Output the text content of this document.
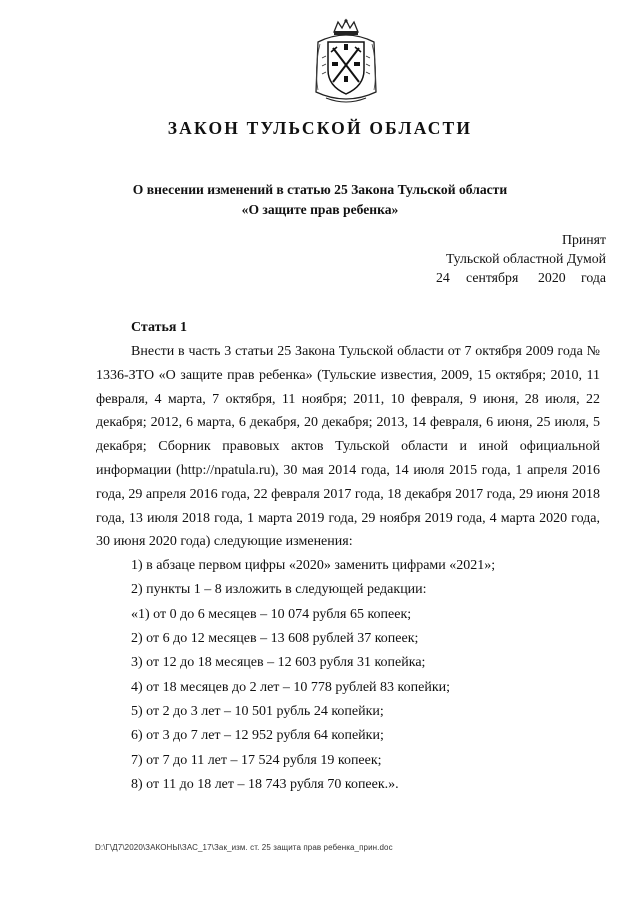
ЗАКОН ТУЛЬСКОЙ ОБЛАСТИ
О внесении изменений в статью 25 Закона Тульской области
«О защите прав ребенка»
Принят
Тульской областной Думой
24 сентября 2020 года
Статья 1

Внести в часть 3 статьи 25 Закона Тульской области от 7 октября 2009 года № 1336-ЗТО «О защите прав ребенка» (Тульские известия, 2009, 15 октября; 2010, 11 февраля, 4 марта, 7 октября, 11 ноября; 2011, 10 февраля, 9 июня, 28 июля, 22 декабря; 2012, 6 марта, 6 декабря, 20 декабря; 2013, 14 февраля, 6 июня, 25 июля, 5 декабря; Сборник правовых актов Тульской области и иной официальной информации (http://npatula.ru), 30 мая 2014 года, 14 июля 2015 года, 1 апреля 2016 года, 29 апреля 2016 года, 22 февраля 2017 года, 18 декабря 2017 года, 29 июня 2018 года, 13 июля 2018 года, 1 марта 2019 года, 29 ноября 2019 года, 4 марта 2020 года, 30 июня 2020 года) следующие изменения:

1) в абзаце первом цифры «2020» заменить цифрами «2021»;
2) пункты 1 – 8 изложить в следующей редакции:
«1) от 0 до 6 месяцев – 10 074 рубля 65 копеек;
2) от 6 до 12 месяцев – 13 608 рублей 37 копеек;
3) от 12 до 18 месяцев – 12 603 рубля 31 копейка;
4) от 18 месяцев до 2 лет – 10 778 рублей 83 копейки;
5) от 2 до 3 лет – 10 501 рубль 24 копейки;
6) от 3 до 7 лет – 12 952 рубля 64 копейки;
7) от 7 до 11 лет – 17 524 рубля 19 копеек;
8) от 11 до 18 лет – 18 743 рубля 70 копеек.».
D:\Г\Д7\2020\ЗАКОНЫ\ЗАС_17\Зак_изм. ст. 25 защита прав ребенка_прин.doc
